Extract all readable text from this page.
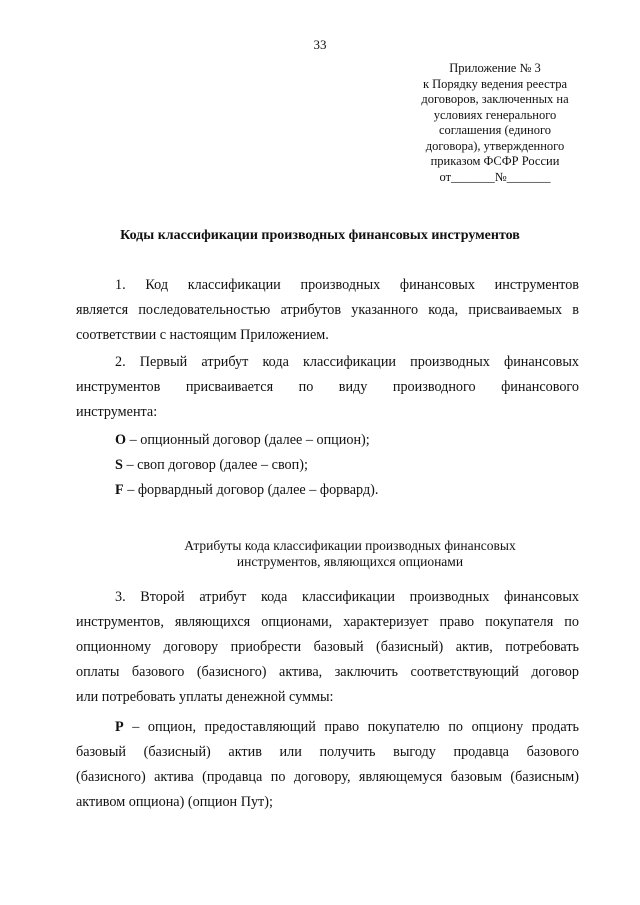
33
Приложение № 3
к Порядку ведения реестра
договоров, заключенных на
условиях генерального
соглашения (единого
договора), утвержденного
приказом ФСФР России
от_______№_______
Коды классификации производных финансовых инструментов
1. Код классификации производных финансовых инструментов
является последовательностью атрибутов указанного кода, присваиваемых в
соответствии с настоящим Приложением.
2. Первый атрибут кода классификации производных финансовых
инструментов присваивается по виду производного финансового
инструмента:
O – опционный договор (далее – опцион);
S – своп договор (далее – своп);
F – форвардный договор (далее – форвард).
Атрибуты кода классификации производных финансовых
инструментов, являющихся опционами
3. Второй атрибут кода классификации производных финансовых
инструментов, являющихся опционами, характеризует право покупателя по
опционному договору приобрести базовый (базисный) актив, потребовать
оплаты базового (базисного) актива, заключить соответствующий договор
или потребовать уплаты денежной суммы:
P – опцион, предоставляющий право покупателю по опциону продать
базовый (базисный) актив или получить выгоду продавца базового
(базисного) актива (продавца по договору, являющемуся базовым (базисным)
активом опциона) (опцион Пут);
